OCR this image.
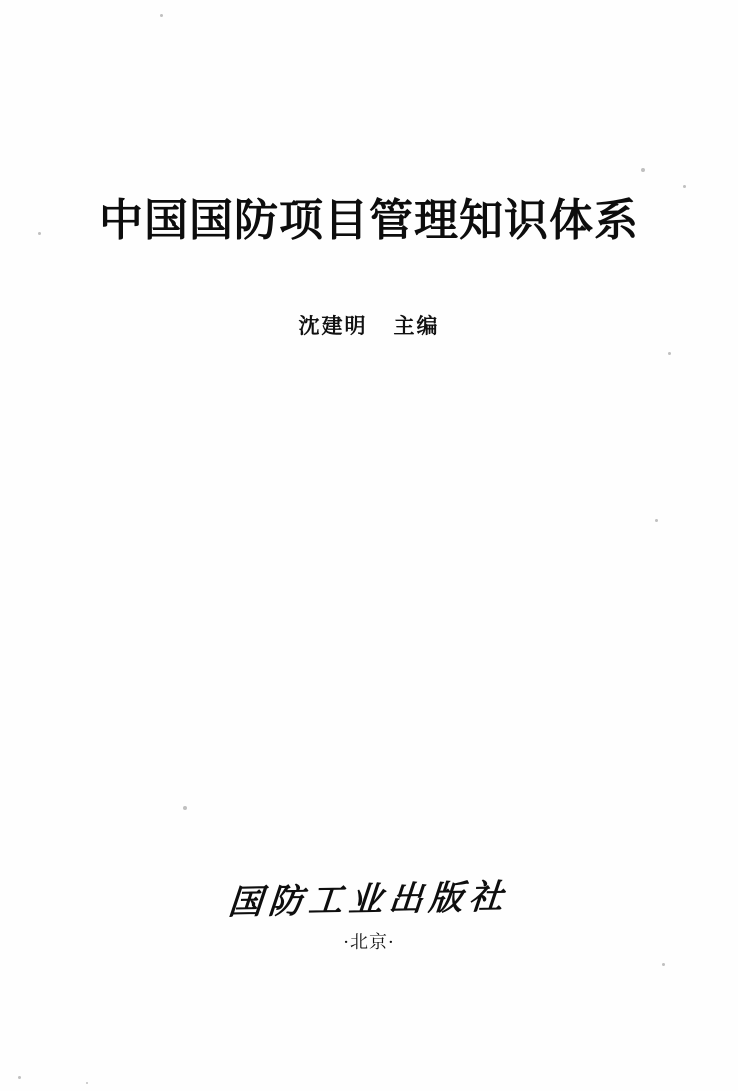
中国国防项目管理知识体系
沈建明 主编
国防工业出版社
·北京·
